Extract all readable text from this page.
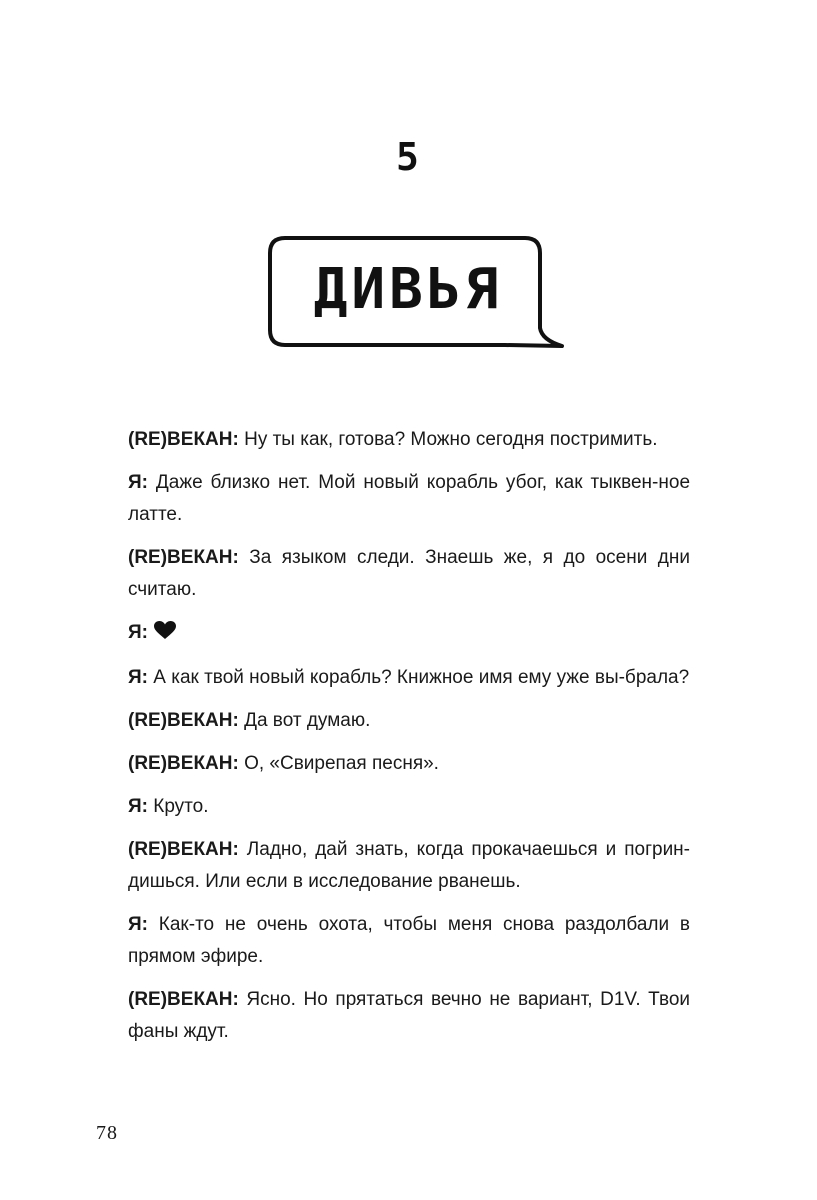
5
ДИВЬЯ

(RE)ВЕКАН: Ну ты как, готова? Можно сегодня постримить.

Я: Даже близко нет. Мой новый корабль убог, как тыквен-ное латте.

(RE)ВЕКАН: За языком следи. Знаешь же, я до осени дни считаю.

Я:

Я: А как твой новый корабль? Книжное имя ему уже вы-брала?

(RE)ВЕКАН: Да вот думаю.

(RE)ВЕКАН: О, «Свирепая песня».

Я: Круто.

(RE)ВЕКАН: Ладно, дай знать, когда прокачаешься и погрин-дишься. Или если в исследование рванешь.

Я: Как-то не очень охота, чтобы меня снова раздолбали в прямом эфире.

(RE)ВЕКАН: Ясно. Но прятаться вечно не вариант, D1V. Твои фаны ждут.

78
